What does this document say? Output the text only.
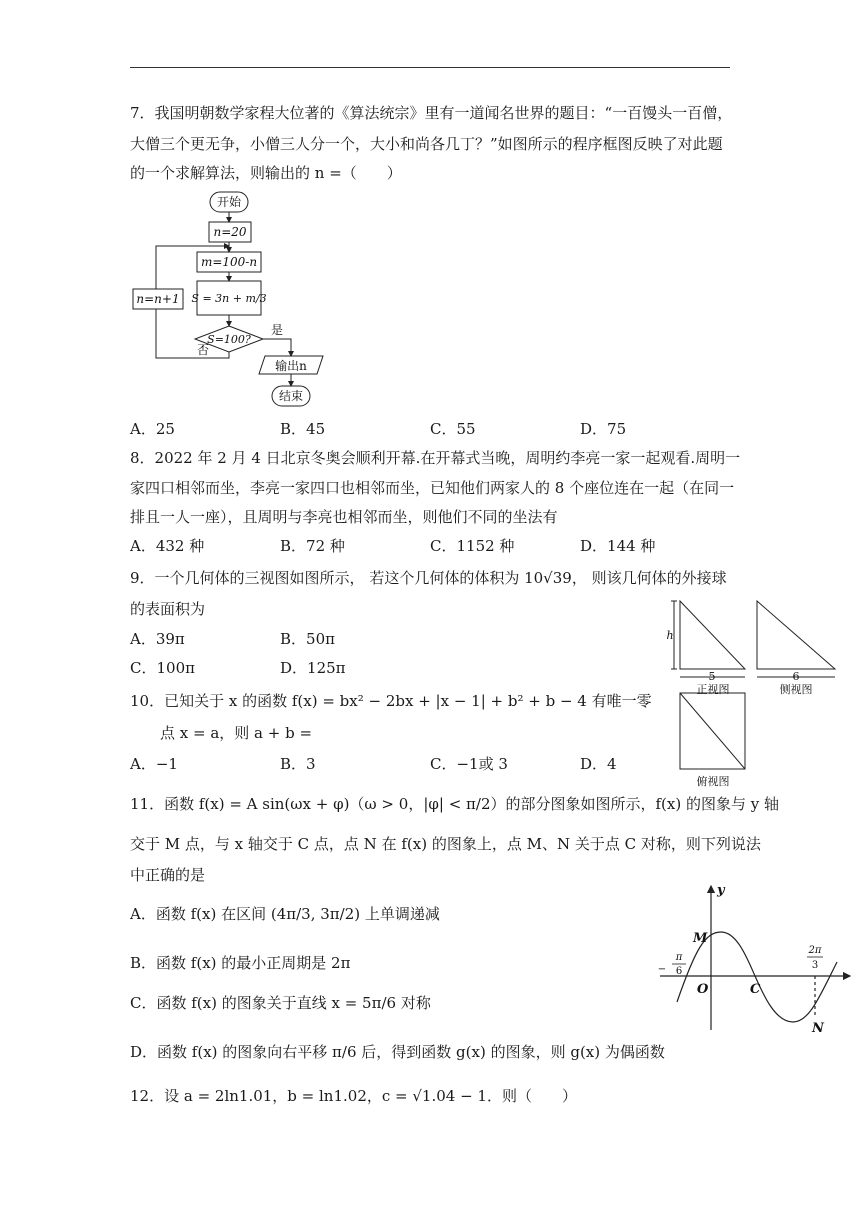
7．我国明朝数学家程大位著的《算法统宗》里有一道闻名世界的题目：“一百馒头一百僧，
大僧三个更无争，小僧三人分一个，大小和尚各几丁？”如图所示的程序框图反映了对此题
的一个求解算法，则输出的 n =（　　）
开始
n=20
m=100-n
S = 3n + m/3
S=100?
n=n+1
输出n
结束
是
否
A．25	B．45	C．55	D．75
8．2022 年 2 月 4 日北京冬奥会顺利开幕.在开幕式当晚，周明约李亮一家一起观看.周明一
家四口相邻而坐，李亮一家四口也相邻而坐，已知他们两家人的 8 个座位连在一起（在同一
排且一人一座），且周明与李亮也相邻而坐，则他们不同的坐法有
A．432 种	B．72 种	C．1152 种	D．144 种
9．一个几何体的三视图如图所示， 若这个几何体的体积为 10√39， 则该几何体的外接球
的表面积为
A．39π	B．50π
C．100π	D．125π
h
5	6
正视图	侧视图
俯视图
10．已知关于 x 的函数 f(x) = bx² − 2bx + |x − 1| + b² + b − 4 有唯一零
点 x = a，则 a + b =
A．−1	B．3	C．−1或 3	D．4
11．函数 f(x) = A sin(ωx + φ)（ω > 0，|φ| < π/2）的部分图象如图所示，f(x) 的图象与 y 轴
交于 M 点，与 x 轴交于 C 点，点 N 在 f(x) 的图象上，点 M、N 关于点 C 对称，则下列说法
中正确的是
A．函数 f(x) 在区间 (4π/3, 3π/2) 上单调递减
B．函数 f(x) 的最小正周期是 2π
C．函数 f(x) 的图象关于直线 x = 5π/6 对称
D．函数 f(x) 的图象向右平移 π/6 后，得到函数 g(x) 的图象，则 g(x) 为偶函数
y
M
O	C
N
−
π
6
2π
3
12．设 a = 2ln1.01，b = ln1.02，c = √1.04 − 1．则（　　）
